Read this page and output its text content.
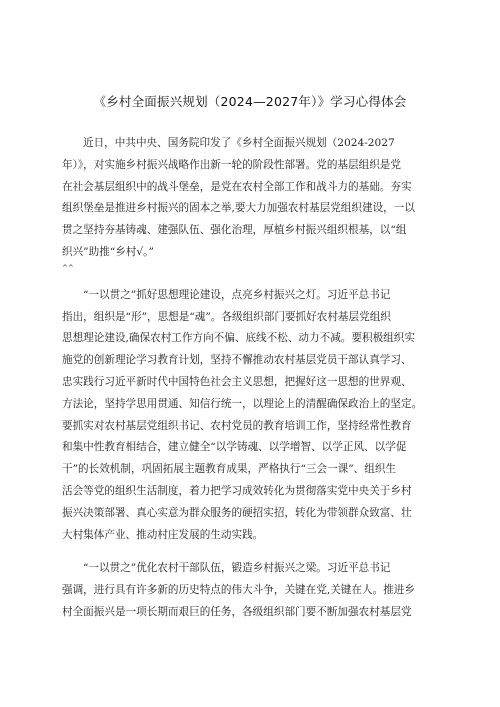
《乡村全面振兴规划（2024—2027年）》学习心得体会
近日，中共中央、国务院印发了《乡村全面振兴规划（2024-2027
年）》，对实施乡村振兴战略作出新一轮的阶段性部署。党的基层组织是党
在社会基层组织中的战斗堡垒，是党在农村全部工作和战斗力的基础。夯实
组织堡垒是推进乡村振兴的固本之举,要大力加强农村基层党组织建设，一以
贯之坚持夯基铸魂、建强队伍、强化治理，厚植乡村振兴组织根基，以“组
织兴”助推“乡村√。”
^^
“一以贯之”抓好思想理论建设，点亮乡村振兴之灯。习近平总书记
指出，组织是“形”，思想是“魂”。各级组织部门要抓好农村基层党组织
思想理论建设,确保农村工作方向不偏、底线不松、动力不减。要积极组织实
施党的创新理论学习教育计划，坚持不懈推动农村基层党员干部认真学习、
忠实践行习近平新时代中国特色社会主义思想，把握好这一思想的世界观、
方法论，坚持学思用贯通、知信行统一，以理论上的清醒确保政治上的坚定。
要抓实对农村基层党组织书记、农村党员的教育培训工作，坚持经常性教育
和集中性教育相结合，建立健全“以学铸魂、以学增智、以学正风、以学促
干”的长效机制，巩固拓展主题教育成果，严格执行“三会一课”、组织生
活会等党的组织生活制度，着力把学习成效转化为贯彻落实党中央关于乡村
振兴决策部署、真心实意为群众服务的硬招实招，转化为带领群众致富、壮
大村集体产业、推动村庄发展的生动实践。
“一以贯之”优化农村干部队伍，锻造乡村振兴之梁。习近平总书记
强调，进行具有许多新的历史特点的伟大斗争，关键在党,关键在人。推进乡
村全面振兴是一项长期而艰巨的任务，各级组织部门要不断加强农村基层党
